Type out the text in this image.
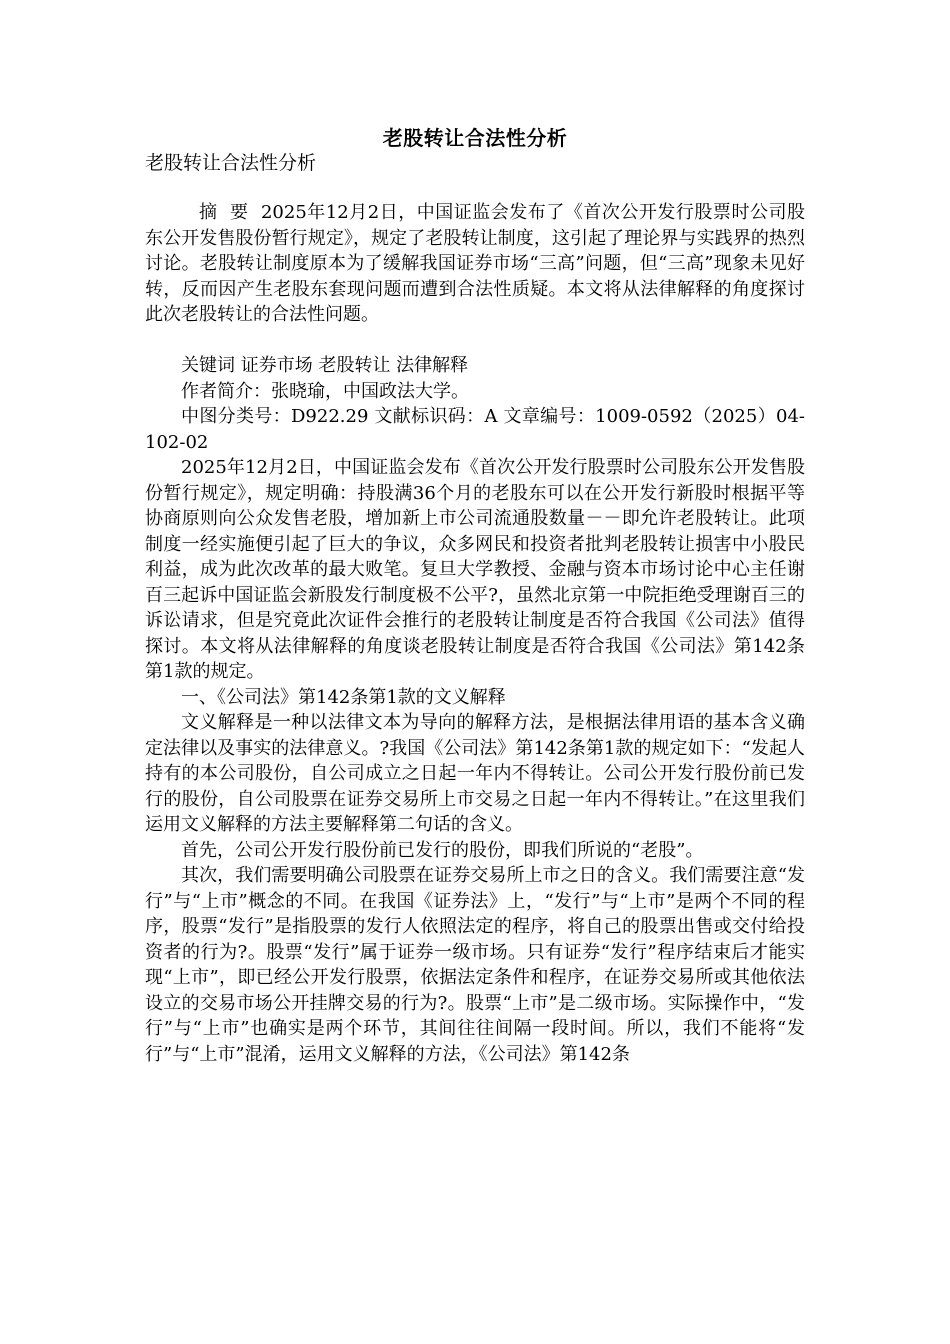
老股转让合法性分析
老股转让合法性分析

摘  要  2025年12月2日，中国证监会发布了《首次公开发行股票时公司股东公开发售股份暂行规定》，规定了老股转让制度，这引起了理论界与实践界的热烈讨论。老股转让制度原本为了缓解我国证券市场“三高”问题，但“三高”现象未见好转，反而因产生老股东套现问题而遭到合法性质疑。本文将从法律解释的角度探讨此次老股转让的合法性问题。

关键词 证券市场 老股转让 法律解释

作者简介：张晓瑜，中国政法大学。

中图分类号：D922.29 文献标识码：A 文章编号：1009-0592（2025）04-102-02

2025年12月2日，中国证监会发布《首次公开发行股票时公司股东公开发售股份暂行规定》，规定明确：持股满36个月的老股东可以在公开发行新股时根据平等协商原则向公众发售老股，增加新上市公司流通股数量－－即允许老股转让。此项制度一经实施便引起了巨大的争议，众多网民和投资者批判老股转让损害中小股民利益，成为此次改革的最大败笔。复旦大学教授、金融与资本市场讨论中心主任谢百三起诉中国证监会新股发行制度极不公平?，虽然北京第一中院拒绝受理谢百三的诉讼请求，但是究竟此次证件会推行的老股转让制度是否符合我国《公司法》值得探讨。本文将从法律解释的角度谈老股转让制度是否符合我国《公司法》第142条第1款的规定。

一、《公司法》第142条第1款的文义解释

文义解释是一种以法律文本为导向的解释方法，是根据法律用语的基本含义确定法律以及事实的法律意义。?我国《公司法》第142条第1款的规定如下：“发起人持有的本公司股份，自公司成立之日起一年内不得转让。公司公开发行股份前已发行的股份，自公司股票在证券交易所上市交易之日起一年内不得转让。”在这里我们运用文义解释的方法主要解释第二句话的含义。

首先，公司公开发行股份前已发行的股份，即我们所说的“老股”。

其次，我们需要明确公司股票在证券交易所上市之日的含义。我们需要注意“发行”与“上市”概念的不同。在我国《证券法》上，“发行”与“上市”是两个不同的程序，股票“发行”是指股票的发行人依照法定的程序，将自己的股票出售或交付给投资者的行为?。股票“发行”属于证券一级市场。只有证券“发行”程序结束后才能实现“上市”，即已经公开发行股票，依据法定条件和程序，在证券交易所或其他依法设立的交易市场公开挂牌交易的行为?。股票“上市”是二级市场。实际操作中，“发行”与“上市”也确实是两个环节，其间往往间隔一段时间。所以，我们不能将“发行”与“上市”混淆，运用文义解释的方法，《公司法》第142条
